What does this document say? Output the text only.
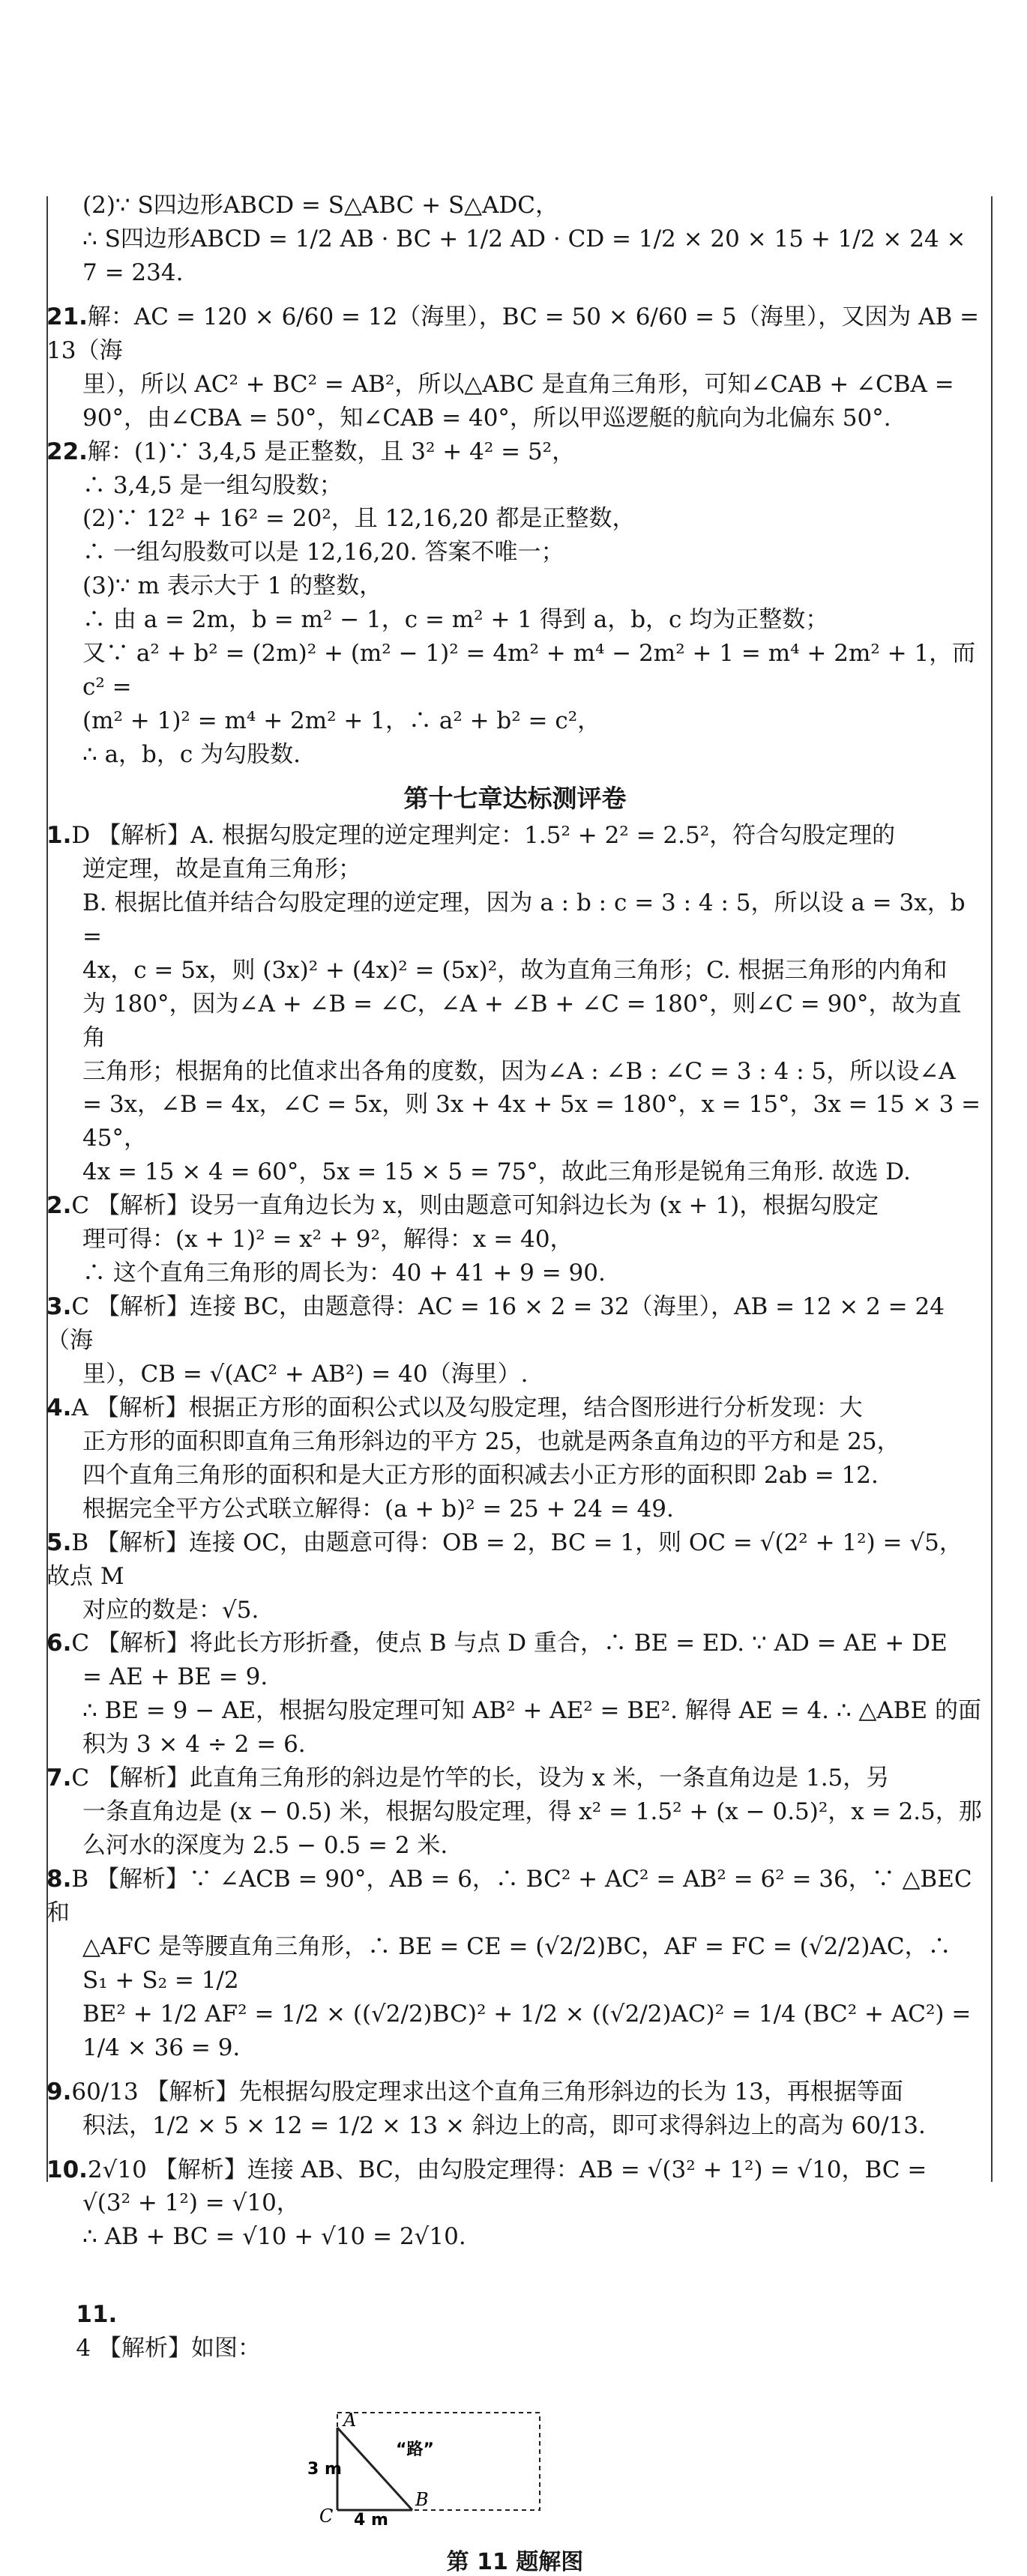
(2)∵ S四边形ABCD = S△ABC + S△ADC，
∴ S四边形ABCD = 1/2 AB · BC + 1/2 AD · CD = 1/2 × 20 × 15 + 1/2 × 24 × 7 = 234.
21.解：AC = 120 × 6/60 = 12（海里），BC = 50 × 6/60 = 5（海里），又因为 AB = 13（海
里），所以 AC² + BC² = AB²，所以△ABC 是直角三角形，可知∠CAB + ∠CBA =
90°，由∠CBA = 50°，知∠CAB = 40°，所以甲巡逻艇的航向为北偏东 50°.
22.解：(1)∵ 3,4,5 是正整数，且 3² + 4² = 5²，
∴ 3,4,5 是一组勾股数；
(2)∵ 12² + 16² = 20²，且 12,16,20 都是正整数，
∴ 一组勾股数可以是 12,16,20. 答案不唯一；
(3)∵ m 表示大于 1 的整数，
∴ 由 a = 2m，b = m² − 1，c = m² + 1 得到 a，b，c 均为正整数；
又∵ a² + b² = (2m)² + (m² − 1)² = 4m² + m⁴ − 2m² + 1 = m⁴ + 2m² + 1，而 c² =
(m² + 1)² = m⁴ + 2m² + 1，∴ a² + b² = c²，
∴ a，b，c 为勾股数.
第十七章达标测评卷
1.D 【解析】A. 根据勾股定理的逆定理判定：1.5² + 2² = 2.5²，符合勾股定理的
逆定理，故是直角三角形；
B. 根据比值并结合勾股定理的逆定理，因为 a : b : c = 3 : 4 : 5，所以设 a = 3x，b =
4x，c = 5x，则 (3x)² + (4x)² = (5x)²，故为直角三角形；C. 根据三角形的内角和
为 180°，因为∠A + ∠B = ∠C，∠A + ∠B + ∠C = 180°，则∠C = 90°，故为直角
三角形；根据角的比值求出各角的度数，因为∠A : ∠B : ∠C = 3 : 4 : 5，所以设∠A
= 3x，∠B = 4x，∠C = 5x，则 3x + 4x + 5x = 180°，x = 15°，3x = 15 × 3 = 45°，
4x = 15 × 4 = 60°，5x = 15 × 5 = 75°，故此三角形是锐角三角形. 故选 D.
2.C 【解析】设另一直角边长为 x，则由题意可知斜边长为 (x + 1)，根据勾股定
理可得：(x + 1)² = x² + 9²，解得：x = 40，
∴ 这个直角三角形的周长为：40 + 41 + 9 = 90.
3.C 【解析】连接 BC，由题意得：AC = 16 × 2 = 32（海里），AB = 12 × 2 = 24（海
里），CB = √(AC² + AB²) = 40（海里）.
4.A 【解析】根据正方形的面积公式以及勾股定理，结合图形进行分析发现：大
正方形的面积即直角三角形斜边的平方 25，也就是两条直角边的平方和是 25，
四个直角三角形的面积和是大正方形的面积减去小正方形的面积即 2ab = 12.
根据完全平方公式联立解得：(a + b)² = 25 + 24 = 49.
5.B 【解析】连接 OC，由题意可得：OB = 2，BC = 1，则 OC = √(2² + 1²) = √5，故点 M
对应的数是：√5.
6.C 【解析】将此长方形折叠，使点 B 与点 D 重合，∴ BE = ED. ∵ AD = AE + DE
= AE + BE = 9.
∴ BE = 9 − AE，根据勾股定理可知 AB² + AE² = BE². 解得 AE = 4. ∴ △ABE 的面
积为 3 × 4 ÷ 2 = 6.
7.C 【解析】此直角三角形的斜边是竹竿的长，设为 x 米，一条直角边是 1.5，另
一条直角边是 (x − 0.5) 米，根据勾股定理，得 x² = 1.5² + (x − 0.5)²，x = 2.5，那
么河水的深度为 2.5 − 0.5 = 2 米.
8.B 【解析】∵ ∠ACB = 90°，AB = 6，∴ BC² + AC² = AB² = 6² = 36，∵ △BEC 和
△AFC 是等腰直角三角形，∴ BE = CE = (√2/2)BC，AF = FC = (√2/2)AC，∴ S₁ + S₂ = 1/2
BE² + 1/2 AF² = 1/2 × ((√2/2)BC)² + 1/2 × ((√2/2)AC)² = 1/4 (BC² + AC²) = 1/4 × 36 = 9.
9.60/13 【解析】先根据勾股定理求出这个直角三角形斜边的长为 13，再根据等面
积法，1/2 × 5 × 12 = 1/2 × 13 × 斜边上的高，即可求得斜边上的高为 60/13.
10.2√10 【解析】连接 AB、BC，由勾股定理得：AB = √(3² + 1²) = √10，BC =
√(3² + 1²) = √10，
∴ AB + BC = √10 + √10 = 2√10.

11.
4 【解析】如图：

A
B
C
“路”
3 m
4 m
第 11 题解图
